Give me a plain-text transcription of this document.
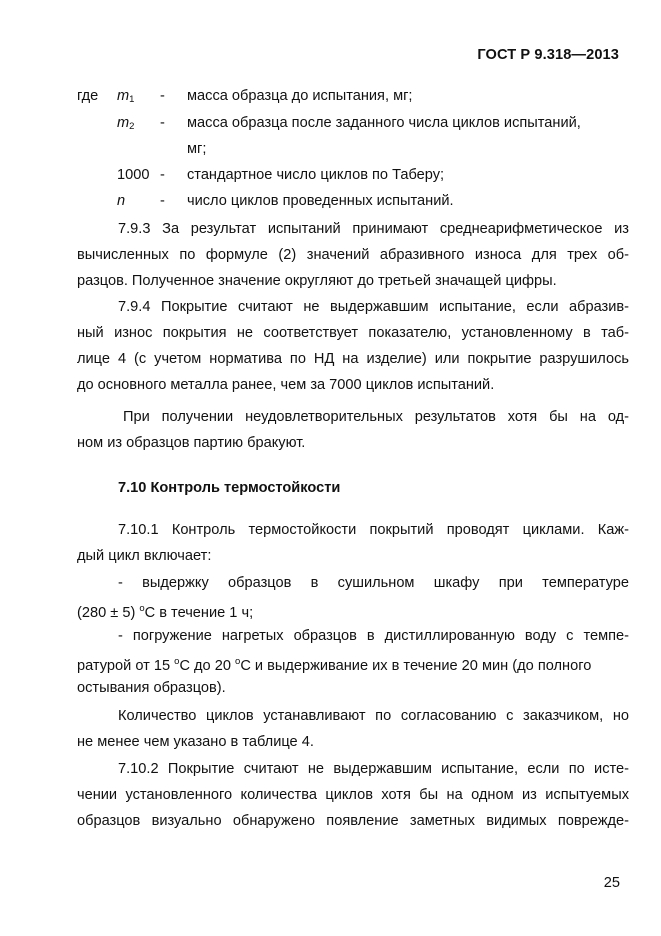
ГОСТ Р 9.318—2013
где	$m_1$	-	масса образца до испытания, мг;
$m_2$	-	масса образца после заданного числа циклов испытаний,
мг;
1000 -	стандартное число циклов по Таберу;
n	-	число циклов проведенных испытаний.
7.9.3 За результат испытаний принимают среднеарифметическое из
вычисленных по формуле (2) значений абразивного износа для трех об-
разцов. Полученное значение округляют до третьей значащей цифры.
7.9.4 Покрытие считают не выдержавшим испытание, если абразив-
ный износ покрытия не соответствует показателю, установленному в таб-
лице 4 (с учетом норматива по НД на изделие) или покрытие разрушилось
до основного металла ранее, чем за 7000 циклов испытаний.
При получении неудовлетворительных результатов хотя бы на од-
ном из образцов партию бракуют.
7.10 Контроль термостойкости
7.10.1 Контроль термостойкости покрытий проводят циклами. Каж-
дый цикл включает:
- выдержку образцов в сушильном шкафу при температуре
(280 ± 5) $^o$С в течение 1 ч;
- погружение нагретых образцов в дистиллированную воду с темпе-
ратурой от 15 $^o$С до 20 $^o$С и выдерживание их в течение 20 мин (до полного
остывания образцов).
Количество циклов устанавливают по согласованию с заказчиком, но
не менее чем указано в таблице 4.
7.10.2 Покрытие считают не выдержавшим испытание, если по исте-
чении установленного количества циклов хотя бы на одном из испытуемых
образцов визуально обнаружено появление заметных видимых поврежде-
25
